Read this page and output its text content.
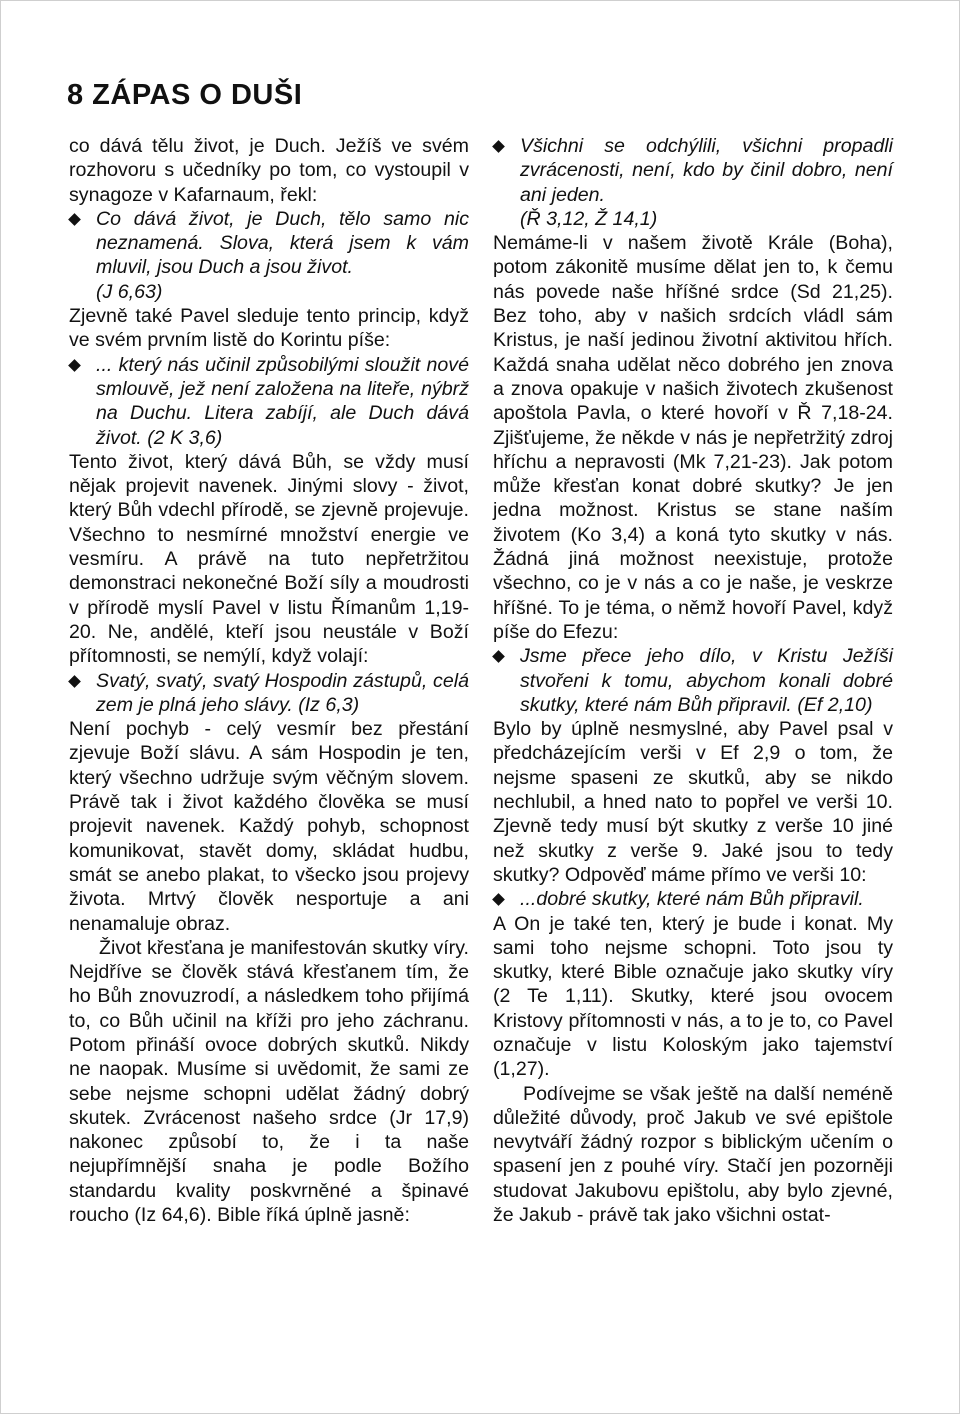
8 ZÁPAS O DUŠI

co dává tělu život, je Duch. Ježíš ve svém rozhovoru s učedníky po tom, co vystoupil v synagoze v Kafarnaum, řekl:

Co dává život, je Duch, tělo samo nic neznamená. Slova, která jsem k vám mluvil, jsou Duch a jsou život.

(J 6,63)

Zjevně také Pavel sleduje tento princip, když ve svém prvním listě do Korintu píše:

... který nás učinil způsobilými sloužit nové smlouvě, jež není založena na liteře, nýbrž na Duchu. Litera zabíjí, ale Duch dává život. (2 K 3,6)

Tento život, který dává Bůh, se vždy musí nějak projevit navenek. Jinými slovy - život, který Bůh vdechl přírodě, se zjevně projevuje. Všechno to nesmírné množství energie ve vesmíru. A právě na tuto nepřetržitou demonstraci nekonečné Boží síly a moudrosti v přírodě myslí Pavel v listu Římanům 1,19-20. Ne, andělé, kteří jsou neustále v Boží přítomnosti, se nemýlí, když volají:

Svatý, svatý, svatý Hospodin zástupů, celá zem je plná jeho slávy. (Iz 6,3)

Není pochyb - celý vesmír bez přestání zjevuje Boží slávu. A sám Hospodin je ten, který všechno udržuje svým věčným slovem. Právě tak i život každého člověka se musí projevit navenek. Každý pohyb, schopnost komunikovat, stavět domy, skládat hudbu, smát se anebo plakat, to všecko jsou projevy života. Mrtvý člověk nesportuje a ani nenamaluje obraz.

Život křesťana je manifestován skutky víry. Nejdříve se člověk stává křesťanem tím, že ho Bůh znovuzrodí, a následkem toho přijímá to, co Bůh učinil na kříži pro jeho záchranu. Potom přináší ovoce dobrých skutků. Nikdy ne naopak. Musíme si uvědomit, že sami ze sebe nejsme schopni udělat žádný dobrý skutek. Zvrácenost našeho srdce (Jr 17,9) nakonec způsobí to, že i ta naše nejupřímnější snaha je podle Božího standardu kvality poskvrněné a špinavé roucho (Iz 64,6). Bible říká úplně jasně:

Všichni se odchýlili, všichni propadli zvrácenosti, není, kdo by činil dobro, není ani jeden.

(Ř 3,12, Ž 14,1)

Nemáme-li v našem životě Krále (Boha), potom zákonitě musíme dělat jen to, k čemu nás povede naše hříšné srdce (Sd 21,25). Bez toho, aby v našich srdcích vládl sám Kristus, je naší jedinou životní aktivitou hřích. Každá snaha udělat něco dobrého jen znova a znova opakuje v našich životech zkušenost apoštola Pavla, o které hovoří v Ř 7,18-24. Zjišťujeme, že někde v nás je nepřetržitý zdroj hříchu a nepravosti (Mk 7,21-23). Jak potom může křesťan konat dobré skutky? Je jen jedna možnost. Kristus se stane naším životem (Ko 3,4) a koná tyto skutky v nás. Žádná jiná možnost neexistuje, protože všechno, co je v nás a co je naše, je veskrze hříšné. To je téma, o němž hovoří Pavel, když píše do Efezu:

Jsme přece jeho dílo, v Kristu Ježíši stvořeni k tomu, abychom konali dobré skutky, které nám Bůh připravil. (Ef 2,10)

Bylo by úplně nesmyslné, aby Pavel psal v předcházejícím verši v Ef 2,9 o tom, že nejsme spaseni ze skutků, aby se nikdo nechlubil, a hned nato to popřel ve verši 10. Zjevně tedy musí být skutky z verše 10 jiné než skutky z verše 9. Jaké jsou to tedy skutky? Odpověď máme přímo ve verši 10:

...dobré skutky, které nám Bůh připravil.

A On je také ten, který je bude i konat. My sami toho nejsme schopni. Toto jsou ty skutky, které Bible označuje jako skutky víry (2 Te 1,11). Skutky, které jsou ovocem Kristovy přítomnosti v nás, a to je to, co Pavel označuje v listu Koloským jako tajemství (1,27).

Podívejme se však ještě na další neméně důležité důvody, proč Jakub ve své epištole nevytváří žádný rozpor s biblickým učením o spasení jen z pouhé víry. Stačí jen pozorněji studovat Jakubovu epištolu, aby bylo zjevné, že Jakub - právě tak jako všichni ostat-
